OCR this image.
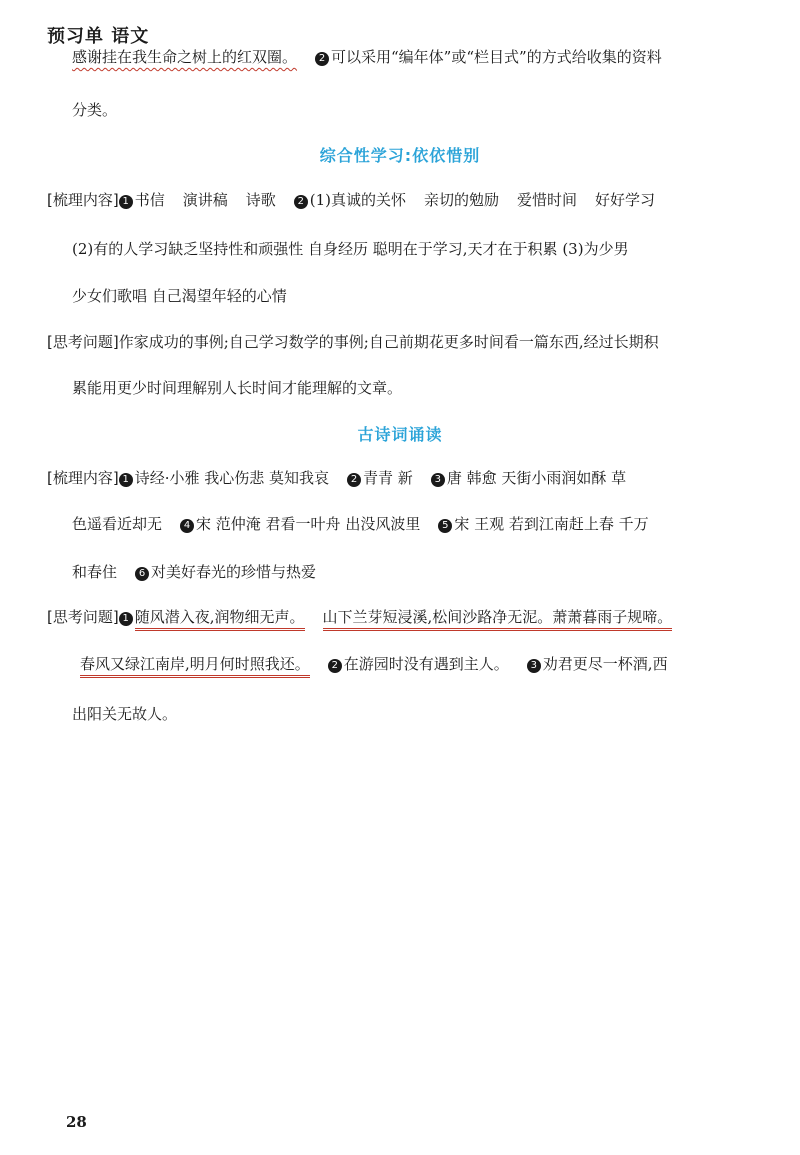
预习单 语文
感谢挂在我生命之树上的红双圈。 2 可以采用“编年体”或“栏目式”的方式给收集的资料
分类。
综合性学习:依依惜别
[梳理内容] 1 书信 演讲稿 诗歌 2 (1)真诚的关怀 亲切的勉励 爱惜时间 好好学习
(2)有的人学习缺乏坚持性和顽强性 自身经历 聪明在于学习,天才在于积累 (3)为少男
少女们歌唱 自己渴望年轻的心情
[思考问题]作家成功的事例;自己学习数学的事例;自己前期花更多时间看一篇东西,经过长期积
累能用更少时间理解别人长时间才能理解的文章。
古诗词诵读
[梳理内容] 1 诗经·小雅 我心伤悲 莫知我哀 2 青青 新 3 唐 韩愈 天街小雨润如酥 草
色遥看近却无 4 宋 范仲淹 君看一叶舟 出没风波里 5 宋 王观 若到江南赶上春 千万
和春住 6 对美好春光的珍惜与热爱
[思考问题] 1 随风潜入夜,润物细无声。 山下兰芽短浸溪,松间沙路净无泥。萧萧暮雨子规啼。
春风又绿江南岸,明月何时照我还。 2 在游园时没有遇到主人。 3 劝君更尽一杯酒,西
出阳关无故人。
28
